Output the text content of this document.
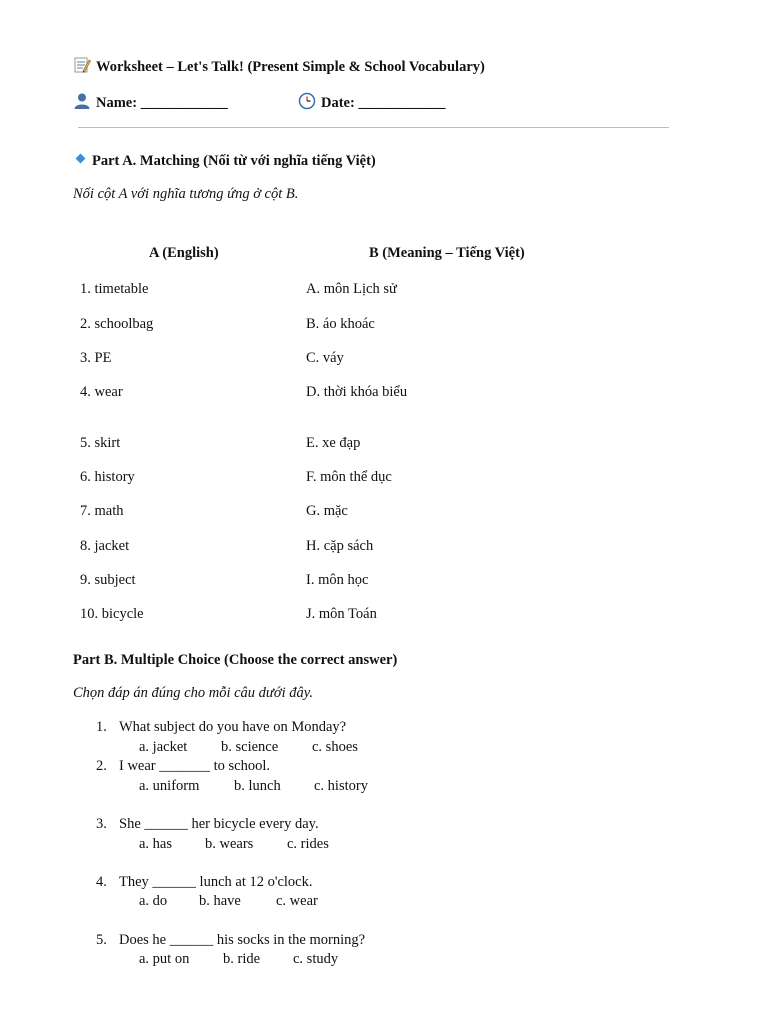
Worksheet – Let's Talk! (Present Simple & School Vocabulary)
Name: ____________	Date: ____________
Part A. Matching (Nối từ với nghĩa tiếng Việt)
Nối cột A với nghĩa tương ứng ở cột B.
A (English)	B (Meaning – Tiếng Việt)
1. timetable	A. môn Lịch sử
2. schoolbag	B. áo khoác
3. PE	C. váy
4. wear	D. thời khóa biểu
5. skirt	E. xe đạp
6. history	F. môn thể dục
7. math	G. mặc
8. jacket	H. cặp sách
9. subject	I. môn học
10. bicycle	J. môn Toán
Part B. Multiple Choice (Choose the correct answer)
Chọn đáp án đúng cho mỗi câu dưới đây.
1. What subject do you have on Monday?
a. jacket b. science c. shoes
2. I wear _______ to school.
a. uniform b. lunch c. history
3. She ______ her bicycle every day.
a. has b. wears c. rides
4. They ______ lunch at 12 o'clock.
a. do b. have c. wear
5. Does he ______ his socks in the morning?
a. put on b. ride c. study
